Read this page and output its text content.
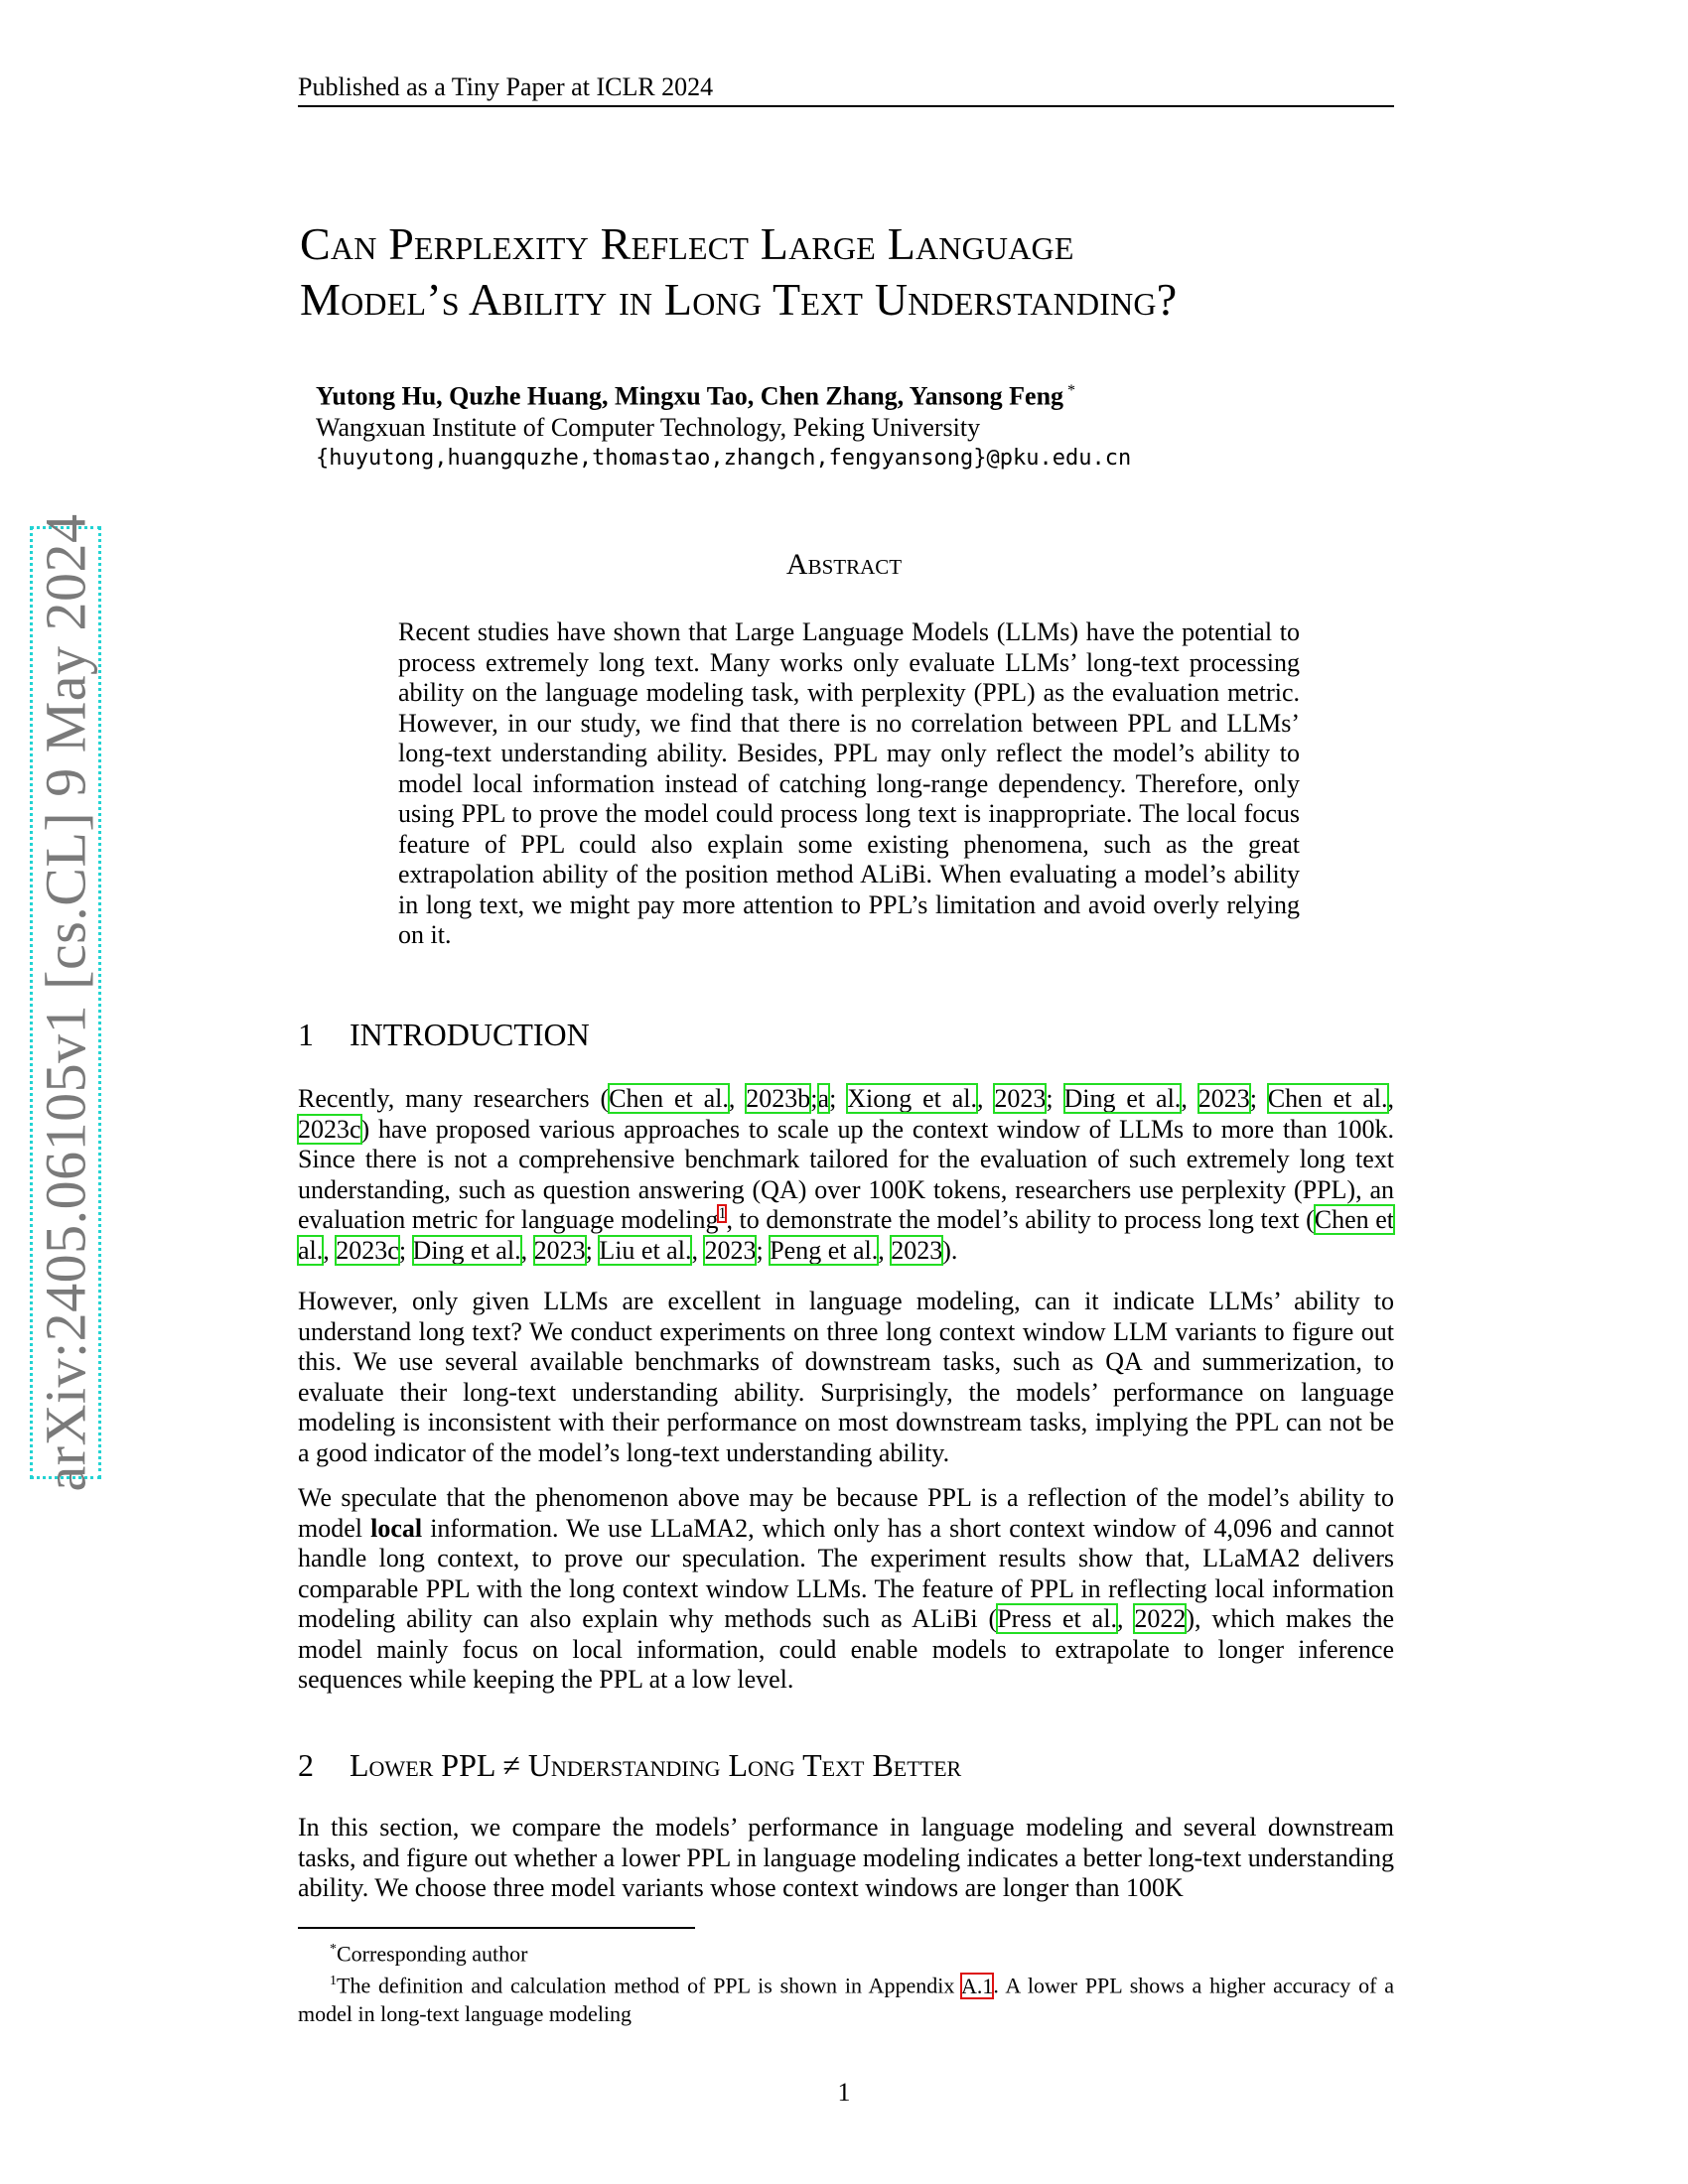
arXiv:2405.06105v1 [cs.CL] 9 May 2024
Published as a Tiny Paper at ICLR 2024
Can Perplexity Reflect Large Language
Model’s Ability in Long Text Understanding?
Yutong Hu, Quzhe Huang, Mingxu Tao, Chen Zhang, Yansong Feng *
Wangxuan Institute of Computer Technology, Peking University
{huyutong,huangquzhe,thomastao,zhangch,fengyansong}@pku.edu.cn
Abstract
Recent studies have shown that Large Language Models (LLMs) have the potential to process extremely long text. Many works only evaluate LLMs’ long-text processing ability on the language modeling task, with perplexity (PPL) as the evaluation metric. However, in our study, we find that there is no correlation between PPL and LLMs’ long-text understanding ability. Besides, PPL may only reflect the model’s ability to model local information instead of catching long-range dependency. Therefore, only using PPL to prove the model could process long text is inappropriate. The local focus feature of PPL could also explain some existing phenomena, such as the great extrapolation ability of the position method ALiBi. When evaluating a model’s ability in long text, we might pay more attention to PPL’s limitation and avoid overly relying on it.
1 INTRODUCTION
Recently, many researchers (Chen et al., 2023b;a; Xiong et al., 2023; Ding et al., 2023; Chen et al., 2023c) have proposed various approaches to scale up the context window of LLMs to more than 100k. Since there is not a comprehensive benchmark tailored for the evaluation of such extremely long text understanding, such as question answering (QA) over 100K tokens, researchers use perplexity (PPL), an evaluation metric for language modeling$^1$, to demonstrate the model’s ability to process long text (Chen et al., 2023c; Ding et al., 2023; Liu et al., 2023; Peng et al., 2023).
However, only given LLMs are excellent in language modeling, can it indicate LLMs’ ability to understand long text? We conduct experiments on three long context window LLM variants to figure out this. We use several available benchmarks of downstream tasks, such as QA and summerization, to evaluate their long-text understanding ability. Surprisingly, the models’ performance on language modeling is inconsistent with their performance on most downstream tasks, implying the PPL can not be a good indicator of the model’s long-text understanding ability.
We speculate that the phenomenon above may be because PPL is a reflection of the model’s ability to model local information. We use LLaMA2, which only has a short context window of 4,096 and cannot handle long context, to prove our speculation. The experiment results show that, LLaMA2 delivers comparable PPL with the long context window LLMs. The feature of PPL in reflecting local information modeling ability can also explain why methods such as ALiBi (Press et al., 2022), which makes the model mainly focus on local information, could enable models to extrapolate to longer inference sequences while keeping the PPL at a low level.
2 Lower PPL ≠ Understanding Long Text Better
In this section, we compare the models’ performance in language modeling and several downstream tasks, and figure out whether a lower PPL in language modeling indicates a better long-text understanding ability. We choose three model variants whose context windows are longer than 100K
*Corresponding author
$^1$The definition and calculation method of PPL is shown in Appendix A.1. A lower PPL shows a higher accuracy of a model in long-text language modeling
1
